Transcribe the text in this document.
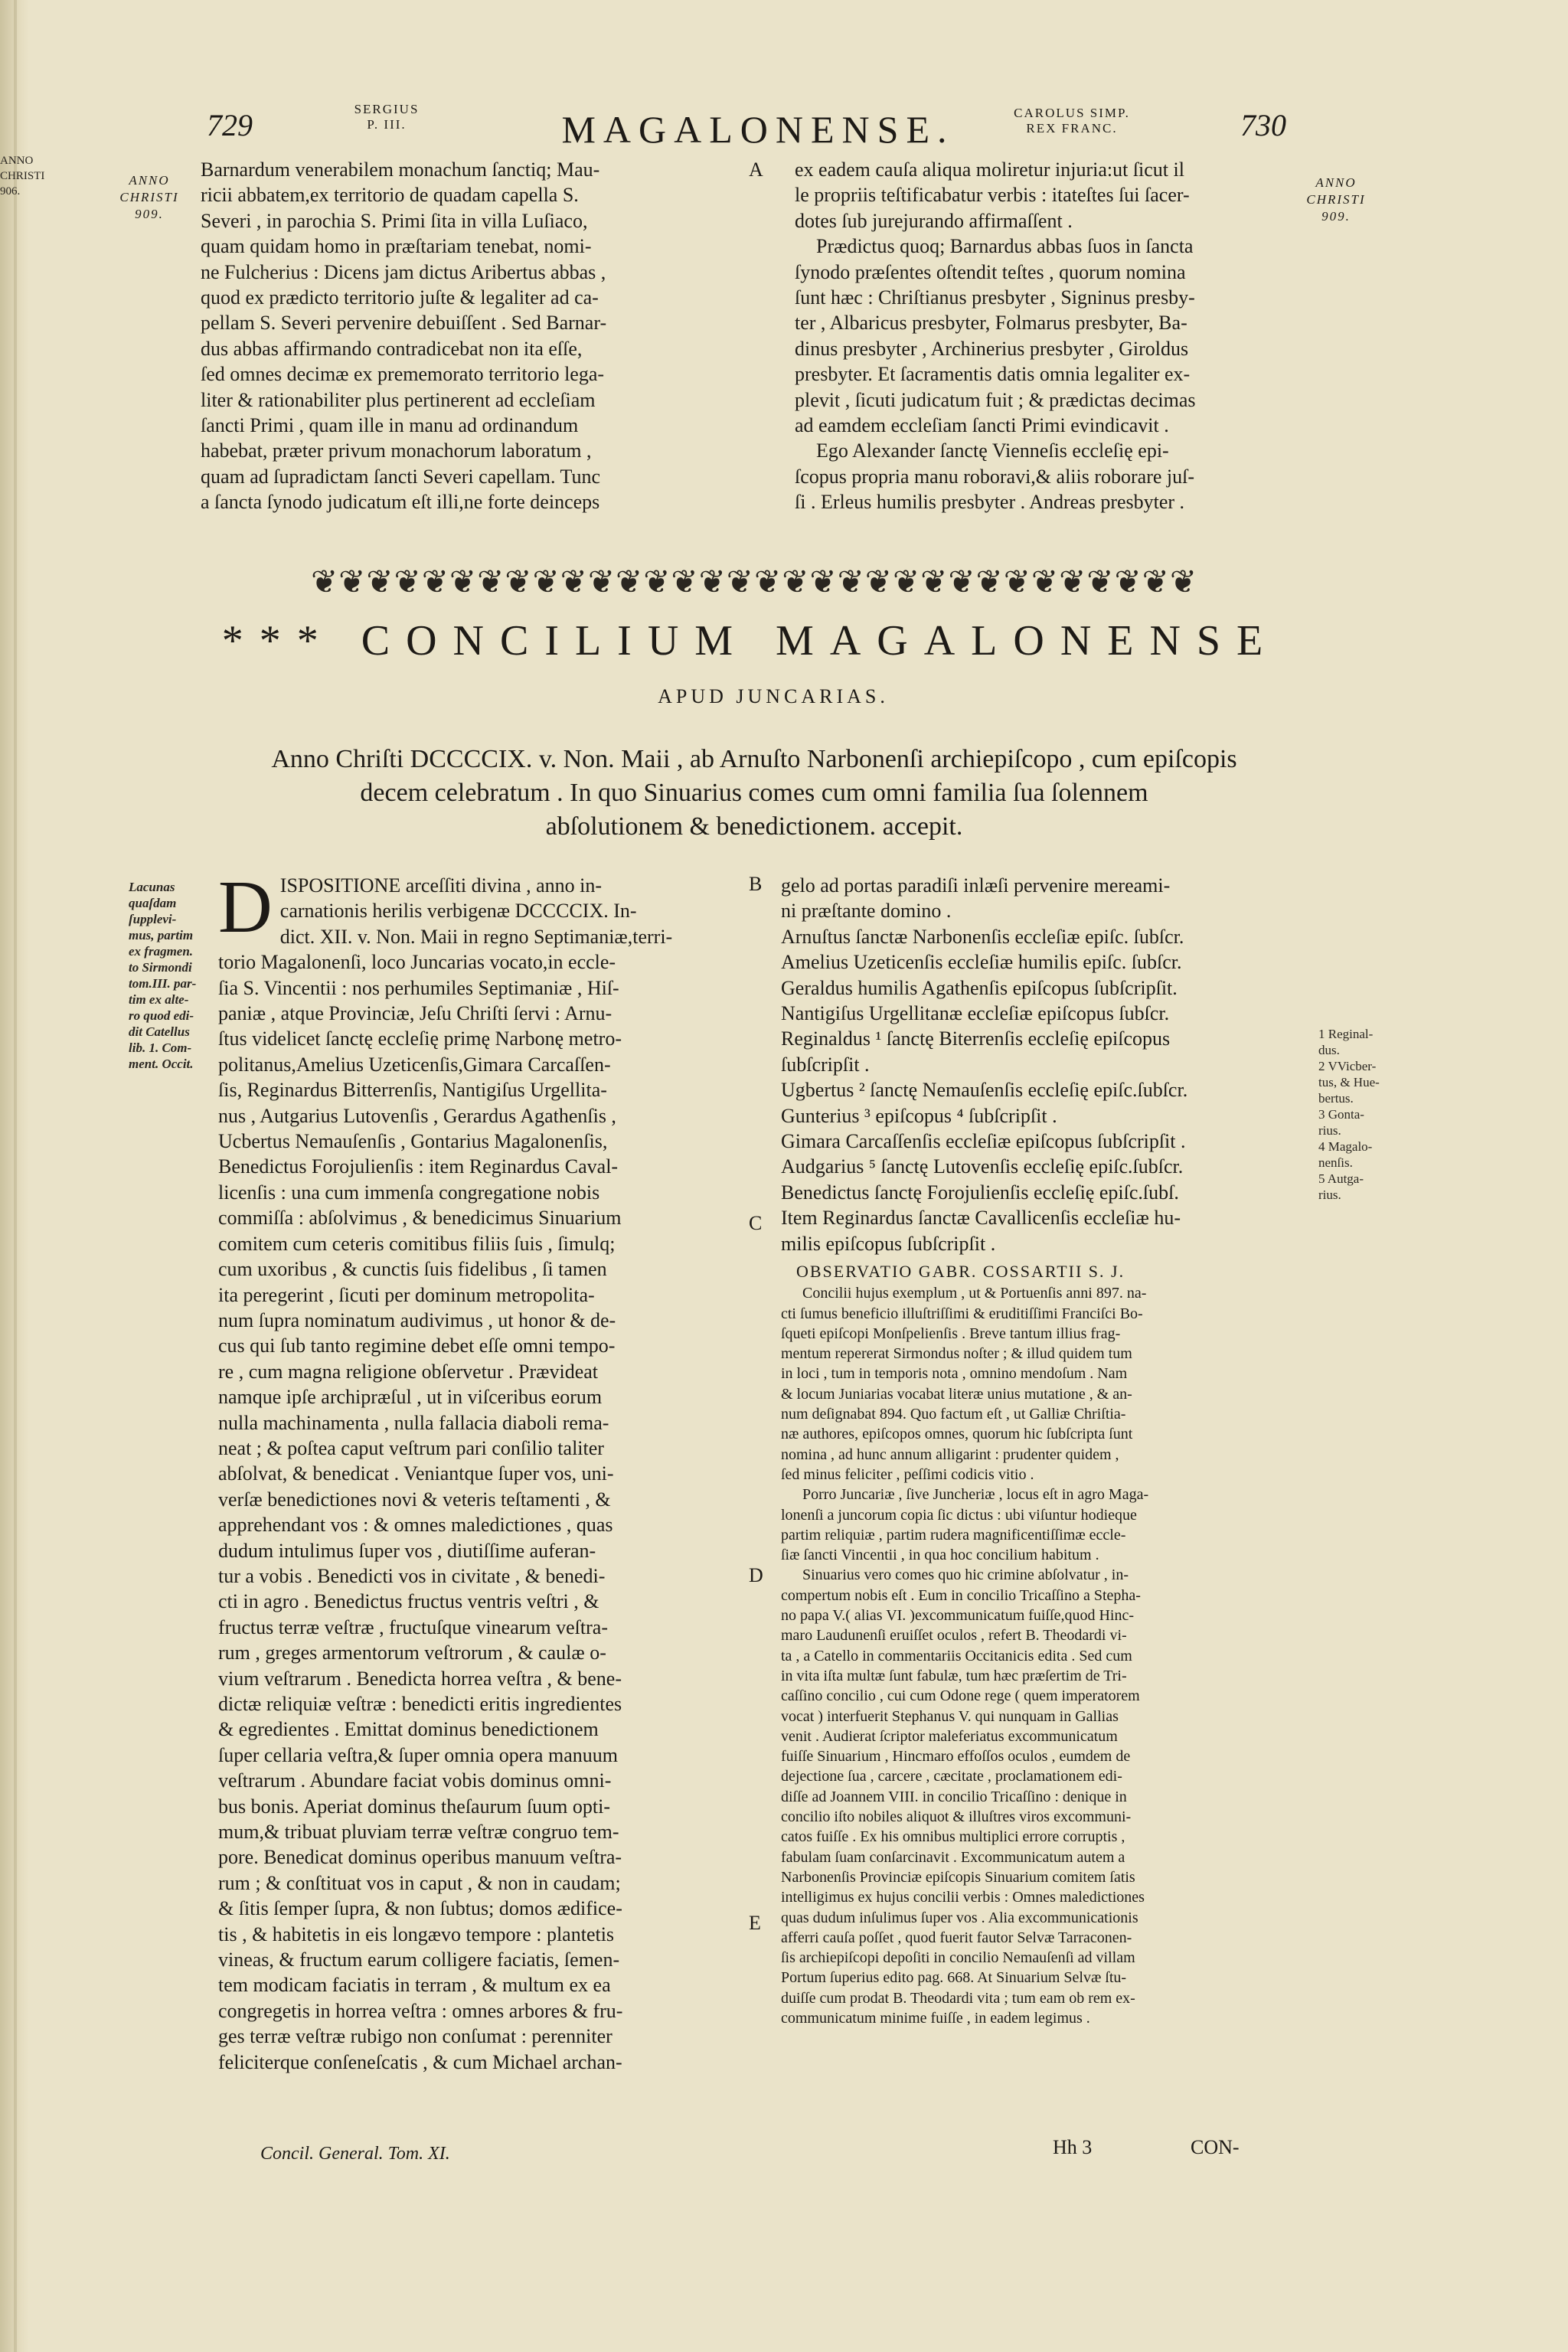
ANNO
CHRISTI
906.
729	SERGIUS
P. III.	MAGALONENSE.	CAROLUS SIMP.
REX FRANC.	730
ANNO
CHRISTI
909.
ANNO
CHRISTI
909.
Barnardum venerabilem monachum ſanctiq; Mau-
ricii abbatem,ex territorio de quadam capella S.
Severi , in parochia S. Primi ſita in villa Luſiaco,
quam quidam homo in præſtariam tenebat, nomi-
ne Fulcherius : Dicens jam dictus Aribertus abbas ,
quod ex prædicto territorio juſte & legaliter ad ca-
pellam S. Severi pervenire debuiſſent . Sed Barnar-
dus abbas affirmando contradicebat non ita eſſe,
ſed omnes decimæ ex prememorato territorio lega-
liter & rationabiliter plus pertinerent ad eccleſiam
ſancti Primi , quam ille in manu ad ordinandum
habebat, præter privum monachorum laboratum ,
quam ad ſupradictam ſancti Severi capellam. Tunc
a ſancta ſynodo judicatum eſt illi,ne forte deinceps
A ex eadem cauſa aliqua moliretur injuria:ut ſicut il
le propriis teſtificabatur verbis : itateſtes ſui ſacer-
dotes ſub jurejurando affirmaſſent .
Prædictus quoq; Barnardus abbas ſuos in ſancta
ſynodo præſentes oſtendit teſtes , quorum nomina
ſunt hæc : Chriſtianus presbyter , Signinus presby-
ter , Albaricus presbyter, Folmarus presbyter, Ba-
dinus presbyter , Archinerius presbyter , Giroldus
presbyter. Et ſacramentis datis omnia legaliter ex-
plevit , ſicuti judicatum fuit ; & prædictas decimas
ad eamdem eccleſiam ſancti Primi evindicavit .
Ego Alexander ſanctę Vienneſis eccleſię epi-
ſcopus propria manu roboravi,& aliis roborare juſ-
ſi . Erleus humilis presbyter . Andreas presbyter .
❦❦❦❦❦❦❦❦❦❦❦❦❦❦❦❦❦❦❦❦❦❦❦❦❦❦❦❦❦❦❦❦
*** CONCILIUM MAGALONENSE
APUD JUNCARIAS.
Anno Chriſti DCCCCIX. v. Non. Maii , ab Arnuſto Narbonenſi archiepiſcopo , cum epiſcopis
decem celebratum . In quo Sinuarius comes cum omni familia ſua ſolennem
abſolutionem & benedictionem. accepit.
Lacunas
quaſdam
ſupplevi-
mus, partim
ex fragmen.
to Sirmondi
tom.III. par-
tim ex alte-
ro quod edi-
dit Catellus
lib. 1. Com-
ment. Occit.
D ISPOSITIONE arceſſiti divina , anno in-
carnationis herilis verbigenæ DCCCCIX. In-
dict. XII. v. Non. Maii in regno Septimaniæ,terri-
torio Magalonenſi, loco Juncarias vocato,in eccle-
ſia S. Vincentii : nos perhumiles Septimaniæ , Hiſ-
paniæ , atque Provinciæ, Jeſu Chriſti ſervi : Arnu-
ſtus videlicet ſanctę eccleſię primę Narbonę metro-
politanus,Amelius Uzeticenſis,Gimara Carcaſſen-
ſis, Reginardus Bitterrenſis, Nantigiſus Urgellita-
nus , Autgarius Lutovenſis , Gerardus Agathenſis ,
Ucbertus Nemauſenſis , Gontarius Magalonenſis,
Benedictus Forojulienſis : item Reginardus Caval-
licenſis : una cum immenſa congregatione nobis
commiſſa : abſolvimus , & benedicimus Sinuarium
comitem cum ceteris comitibus filiis ſuis , ſimulq;
cum uxoribus , & cunctis ſuis fidelibus , ſi tamen
ita peregerint , ſicuti per dominum metropolita-
num ſupra nominatum audivimus , ut honor & de-
cus qui ſub tanto regimine debet eſſe omni tempo-
re , cum magna religione obſervetur . Prævideat
namque ipſe archipræſul , ut in viſceribus eorum
nulla machinamenta , nulla fallacia diaboli rema-
neat ; & poſtea caput veſtrum pari conſilio taliter
abſolvat, & benedicat . Veniantque ſuper vos, uni-
verſæ benedictiones novi & veteris teſtamenti , &
apprehendant vos : & omnes maledictiones , quas
dudum intulimus ſuper vos , diutiſſime auferan-
tur a vobis . Benedicti vos in civitate , & benedi-
cti in agro . Benedictus fructus ventris veſtri , &
fructus terræ veſtræ , fructuſque vinearum veſtra-
rum , greges armentorum veſtrorum , & caulæ o-
vium veſtrarum . Benedicta horrea veſtra , & bene-
dictæ reliquiæ veſtræ : benedicti eritis ingredientes
& egredientes . Emittat dominus benedictionem
ſuper cellaria veſtra,& ſuper omnia opera manuum
veſtrarum . Abundare faciat vobis dominus omni-
bus bonis. Aperiat dominus theſaurum ſuum opti-
mum,& tribuat pluviam terræ veſtræ congruo tem-
pore. Benedicat dominus operibus manuum veſtra-
rum ; & conſtituat vos in caput , & non in caudam;
& ſitis ſemper ſupra, & non ſubtus; domos ædifice-
tis , & habitetis in eis longævo tempore : plantetis
vineas, & fructum earum colligere faciatis, ſemen-
tem modicam faciatis in terram , & multum ex ea
congregetis in horrea veſtra : omnes arbores & fru-
ges terræ veſtræ rubigo non conſumat : perenniter
feliciterque conſeneſcatis , & cum Michael archan-
Concil. General. Tom. XI.
B
C
D
E
gelo ad portas paradiſi inlæſi pervenire mereami-
ni præſtante domino .
Arnuſtus ſanctæ Narbonenſis eccleſiæ epiſc. ſubſcr.
Amelius Uzeticenſis eccleſiæ humilis epiſc. ſubſcr.
Geraldus humilis Agathenſis epiſcopus ſubſcripſit.
Nantigiſus Urgellitanæ eccleſiæ epiſcopus ſubſcr.
Reginaldus ¹ ſanctę Biterrenſis eccleſię epiſcopus
ſubſcripſit .
Ugbertus ² ſanctę Nemauſenſis eccleſię epiſc.ſubſcr.
Gunterius ³ epiſcopus ⁴ ſubſcripſit .
Gimara Carcaſſenſis eccleſiæ epiſcopus ſubſcripſit .
Audgarius ⁵ ſanctę Lutovenſis eccleſię epiſc.ſubſcr.
Benedictus ſanctę Forojulienſis eccleſię epiſc.ſubſ.
Item Reginardus ſanctæ Cavallicenſis eccleſiæ hu-
milis epiſcopus ſubſcripſit .
1 Reginal-
dus.
2 VVicber-
tus, & Hue-
bertus.
3 Gonta-
rius.
4 Magalo-
nenſis.
5 Autga-
rius.
OBSERVATIO GABR. COSSARTII S. J.
Concilii hujus exemplum , ut & Portuenſis anni 897. na-
cti ſumus beneficio illuſtriſſimi & eruditiſſimi Franciſci Bo-
ſqueti epiſcopi Monſpelienſis . Breve tantum illius frag-
mentum repererat Sirmondus noſter ; & illud quidem tum
in loci , tum in temporis nota , omnino mendoſum . Nam
& locum Juniarias vocabat literæ unius mutatione , & an-
num deſignabat 894. Quo factum eſt , ut Galliæ Chriſtia-
næ authores, epiſcopos omnes, quorum hic ſubſcripta ſunt
nomina , ad hunc annum alligarint : prudenter quidem ,
ſed minus feliciter , peſſimi codicis vitio .
Porro Juncariæ , ſive Juncheriæ , locus eſt in agro Maga-
lonenſi a juncorum copia ſic dictus : ubi viſuntur hodieque
partim reliquiæ , partim rudera magnificentiſſimæ eccle-
ſiæ ſancti Vincentii , in qua hoc concilium habitum .
Sinuarius vero comes quo hic crimine abſolvatur , in-
compertum nobis eſt . Eum in concilio Tricaſſino a Stepha-
no papa V.( alias VI. )excommunicatum fuiſſe,quod Hinc-
maro Laudunenſi eruiſſet oculos , refert B. Theodardi vi-
ta , a Catello in commentariis Occitanicis edita . Sed cum
in vita iſta multæ ſunt fabulæ, tum hæc præſertim de Tri-
caſſino concilio , cui cum Odone rege ( quem imperatorem
vocat ) interfuerit Stephanus V. qui nunquam in Gallias
venit . Audierat ſcriptor maleferiatus excommunicatum
fuiſſe Sinuarium , Hincmaro effoſſos oculos , eumdem de
dejectione ſua , carcere , cæcitate , proclamationem edi-
diſſe ad Joannem VIII. in concilio Tricaſſino : denique in
concilio iſto nobiles aliquot & illuſtres viros excommuni-
catos fuiſſe . Ex his omnibus multiplici errore corruptis ,
fabulam ſuam conſarcinavit . Excommunicatum autem a
Narbonenſis Provinciæ epiſcopis Sinuarium comitem ſatis
intelligimus ex hujus concilii verbis : Omnes maledictiones
quas dudum inſulimus ſuper vos . Alia excommunicationis
afferri cauſa poſſet , quod fuerit fautor Selvæ Tarraconen-
ſis archiepiſcopi depoſiti in concilio Nemauſenſi ad villam
Portum ſuperius edito pag. 668. At Sinuarium Selvæ ſtu-
duiſſe cum prodat B. Theodardi vita ; tum eam ob rem ex-
communicatum minime fuiſſe , in eadem legimus .
Hh 3	CON-
